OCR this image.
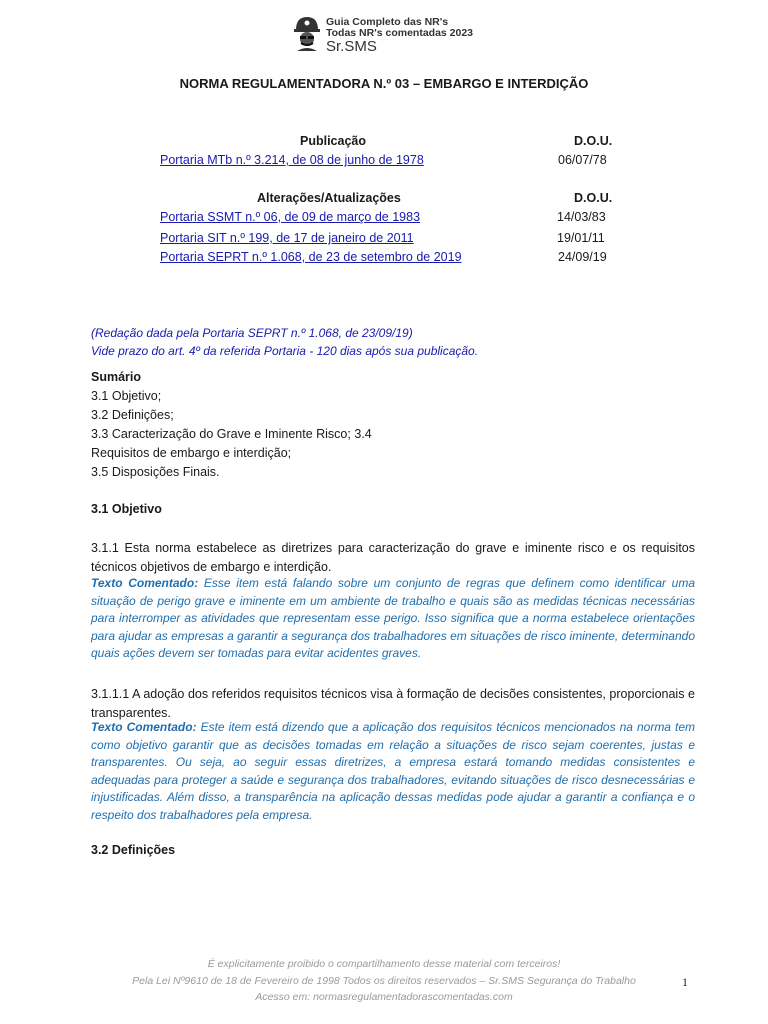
Guia Completo das NR's
Todas NR's comentadas 2023
Sr.SMS
NORMA REGULAMENTADORA N.º 03 – EMBARGO E INTERDIÇÃO
Publicação	D.O.U.
Portaria MTb n.º 3.214, de 08 de junho de 1978	06/07/78
Alterações/Atualizações	D.O.U.
Portaria SSMT n.º 06, de 09 de março de 1983	14/03/83
Portaria SIT n.º 199, de 17 de janeiro de 2011	19/01/11
Portaria SEPRT n.º 1.068, de 23 de setembro de 2019	24/09/19
(Redação dada pela Portaria SEPRT n.º 1.068, de 23/09/19)
Vide prazo do art. 4º da referida Portaria - 120 dias após sua publicação.
Sumário
3.1 Objetivo;
3.2 Definições;
3.3 Caracterização do Grave e Iminente Risco; 3.4
Requisitos de embargo e interdição;
3.5 Disposições Finais.
3.1 Objetivo
3.1.1 Esta norma estabelece as diretrizes para caracterização do grave e iminente risco e os requisitos técnicos objetivos de embargo e interdição.
Texto Comentado: Esse item está falando sobre um conjunto de regras que definem como identificar uma situação de perigo grave e iminente em um ambiente de trabalho e quais são as medidas técnicas necessárias para interromper as atividades que representam esse perigo. Isso significa que a norma estabelece orientações para ajudar as empresas a garantir a segurança dos trabalhadores em situações de risco iminente, determinando quais ações devem ser tomadas para evitar acidentes graves.
3.1.1.1 A adoção dos referidos requisitos técnicos visa à formação de decisões consistentes, proporcionais e transparentes.
Texto Comentado: Este item está dizendo que a aplicação dos requisitos técnicos mencionados na norma tem como objetivo garantir que as decisões tomadas em relação a situações de risco sejam coerentes, justas e transparentes. Ou seja, ao seguir essas diretrizes, a empresa estará tomando medidas consistentes e adequadas para proteger a saúde e segurança dos trabalhadores, evitando situações de risco desnecessárias e injustificadas. Além disso, a transparência na aplicação dessas medidas pode ajudar a garantir a confiança e o respeito dos trabalhadores pela empresa.
3.2 Definições
É explicitamente proibido o compartilhamento desse material com terceiros!
Pela Lei Nº9610 de 18 de Fevereiro de 1998 Todos os direitos reservados – Sr.SMS Segurança do Trabalho
Acesso em: normasregulamentadorascomentadas.com
1
